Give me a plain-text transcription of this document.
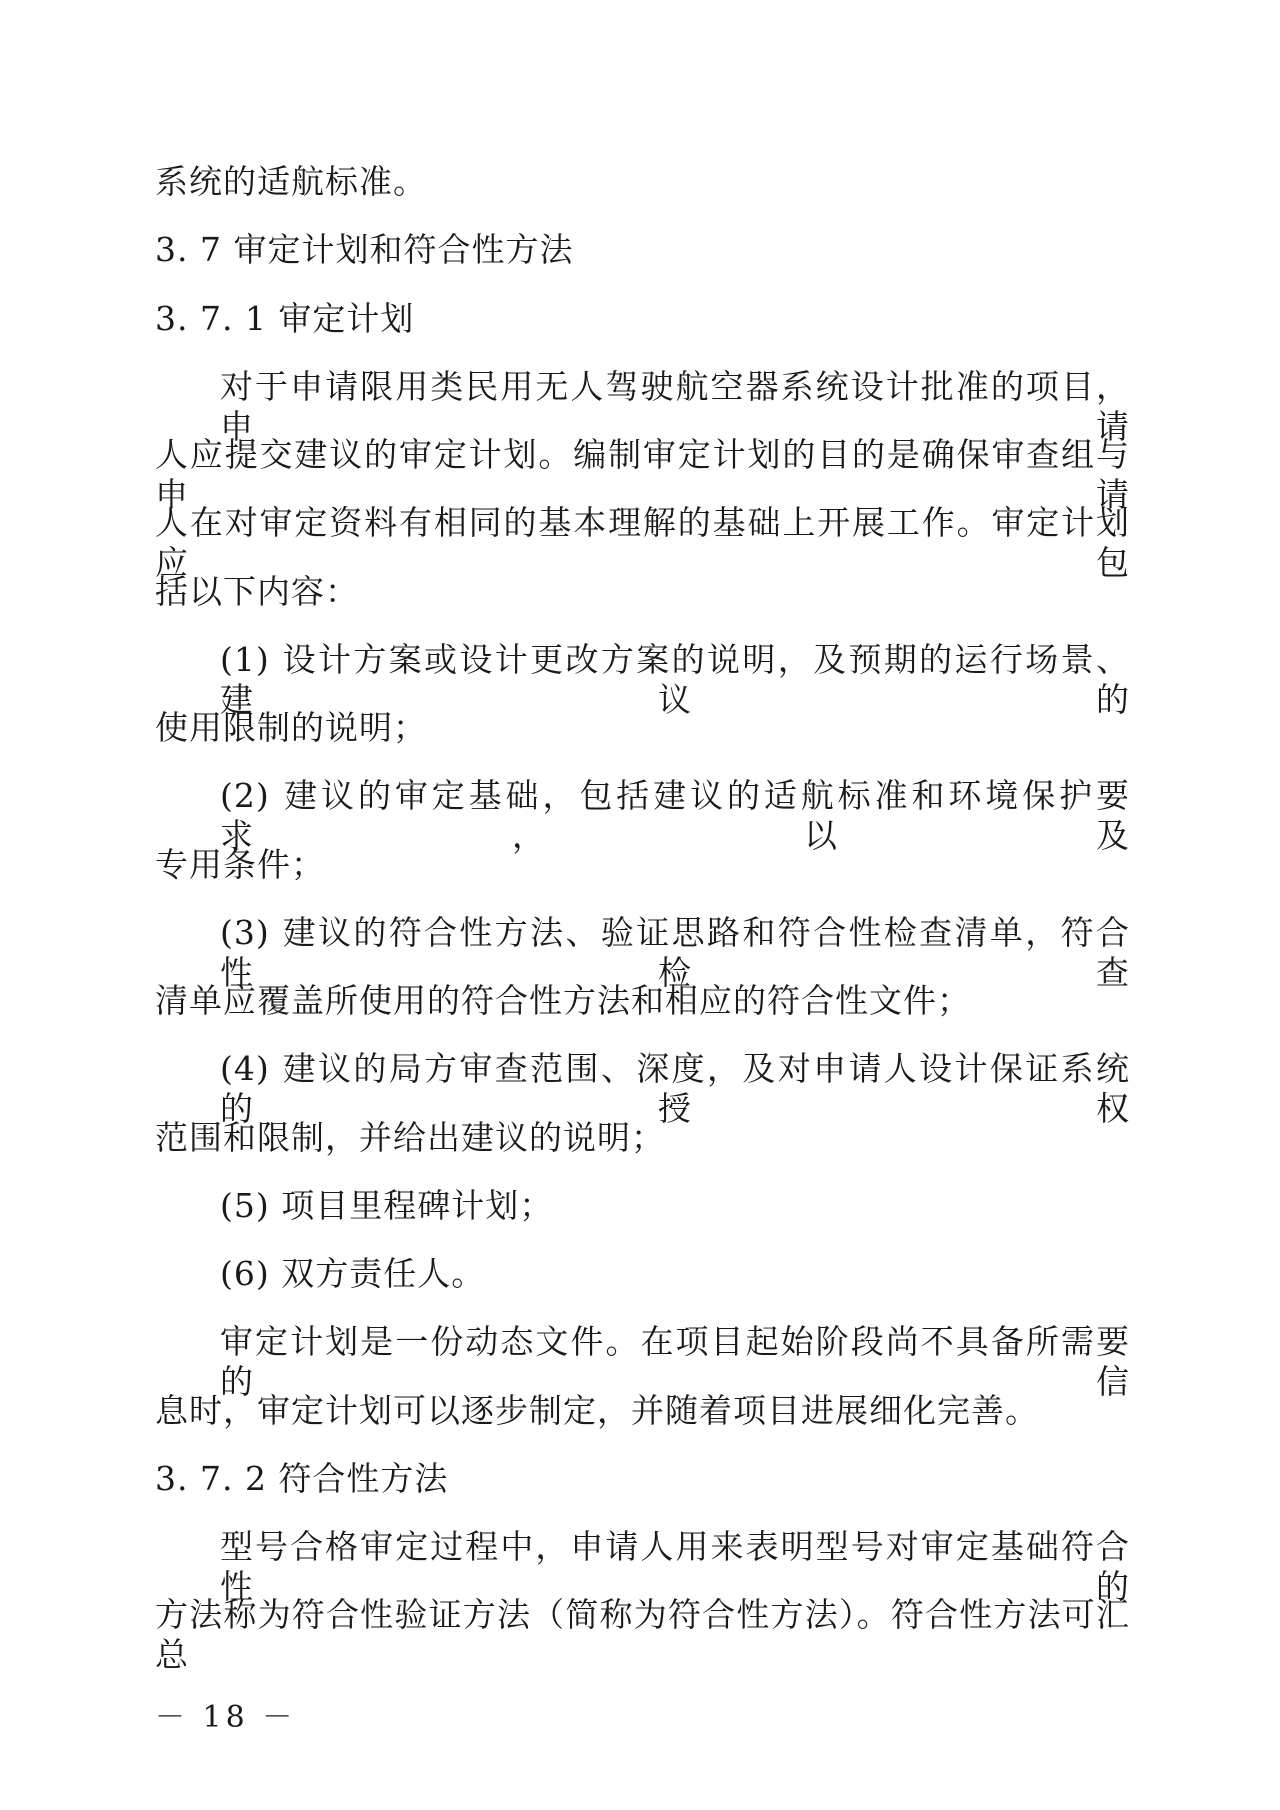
系统的适航标准。
3. 7 审定计划和符合性方法
3. 7. 1 审定计划
对于申请限用类民用无人驾驶航空器系统设计批准的项目，申请
人应提交建议的审定计划。编制审定计划的目的是确保审查组与申请
人在对审定资料有相同的基本理解的基础上开展工作。审定计划应包
括以下内容：
(1) 设计方案或设计更改方案的说明，及预期的运行场景、建议的
使用限制的说明；
(2) 建议的审定基础，包括建议的适航标准和环境保护要求，以及
专用条件；
(3) 建议的符合性方法、验证思路和符合性检查清单，符合性检查
清单应覆盖所使用的符合性方法和相应的符合性文件；
(4) 建议的局方审查范围、深度，及对申请人设计保证系统的授权
范围和限制，并给出建议的说明；
(5) 项目里程碑计划；
(6) 双方责任人。
审定计划是一份动态文件。在项目起始阶段尚不具备所需要的信
息时，审定计划可以逐步制定，并随着项目进展细化完善。
3. 7. 2 符合性方法
型号合格审定过程中，申请人用来表明型号对审定基础符合性的
方法称为符合性验证方法（简称为符合性方法）。符合性方法可汇总
－ 18 －
